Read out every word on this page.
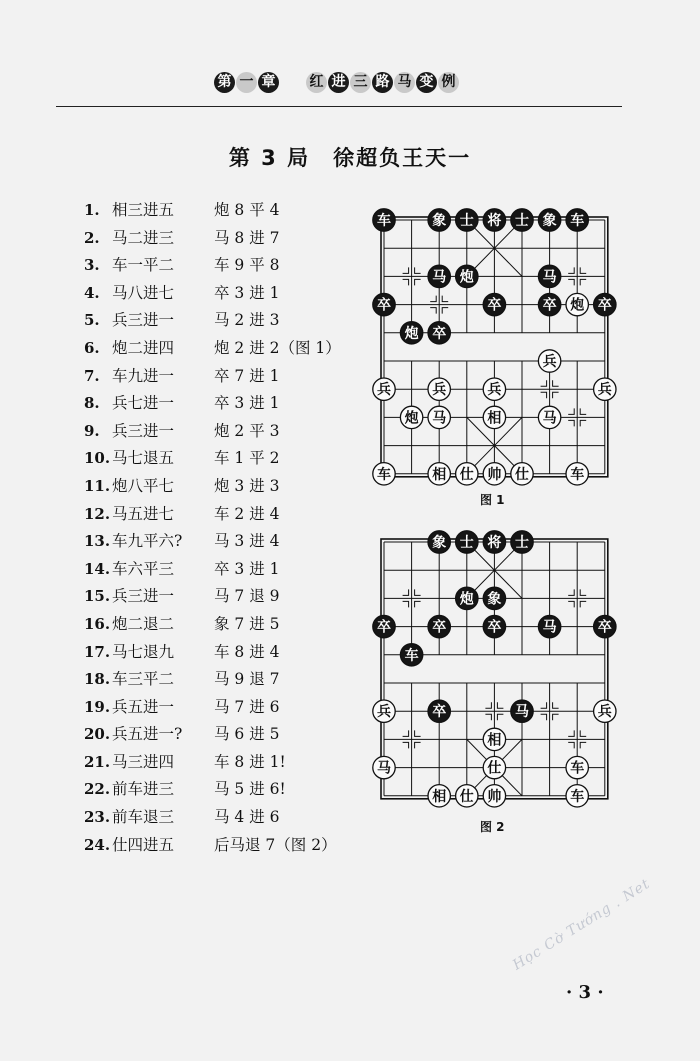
第 一 章 红 进 三 路 马 变 例
第 3 局　徐超负王天一
1. 相三进五	炮 8 平 4
2. 马二进三	马 8 进 7
3. 车一平二	车 9 平 8
4. 马八进七	卒 3 进 1
5. 兵三进一	马 2 进 3
6. 炮二进四	炮 2 进 2（图 1）
7. 车九进一	卒 7 进 1
8. 兵七进一	卒 3 进 1
9. 兵三进一	炮 2 平 3
10. 马七退五	车 1 平 2
11. 炮八平七	炮 3 进 3
12. 马五进七	车 2 进 4
13. 车九平六?	马 3 进 4
14. 车六平三	卒 3 进 1
15. 兵三进一	马 7 退 9
16. 炮二退二	象 7 进 5
17. 马七退九	车 8 进 4
18. 车三平二	马 9 退 7
19. 兵五进一	马 7 进 6
20. 兵五进一?	马 6 进 5
21. 马三进四	车 8 进 1!
22. 前车进三	马 5 进 6!
23. 前车退三	马 4 进 6
24. 仕四进五	后马退 7（图 2）
车	象 士 将 士 象 车
马 炮	马
卒	卒	卒 炮 卒
炮 卒
兵
兵	兵	兵	兵
炮 马	相	马
车	相 仕 帅 仕	车
图 1
象 士 将 士
炮 象
卒	卒	卒	马	卒
车
兵	卒	马	兵
相
马	仕	车
相 仕 帅	车
图 2
· 3 ·
Học Cờ Tướng . Net
